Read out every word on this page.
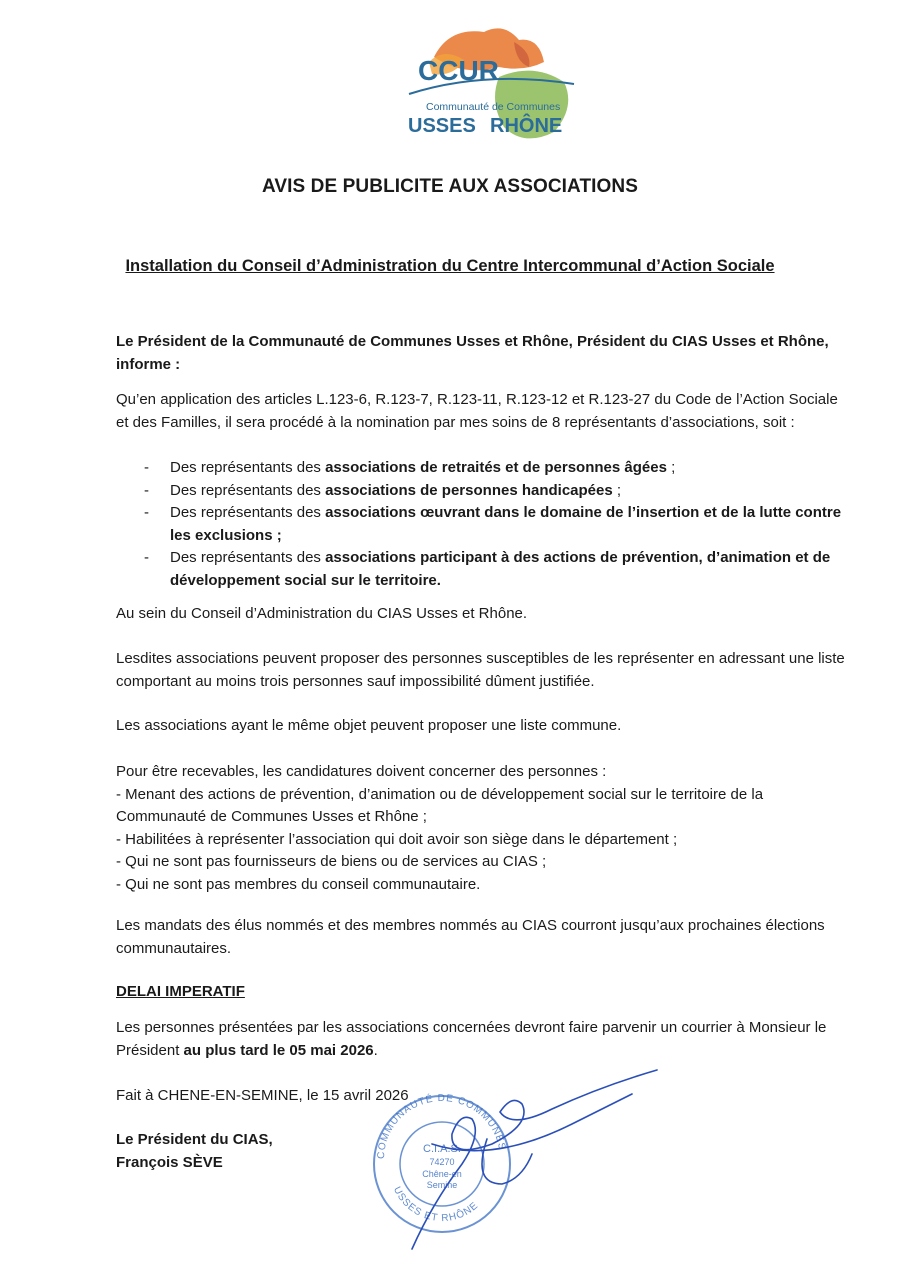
CCUR
Communauté de Communes
USSES RHÔNE
AVIS DE PUBLICITE AUX ASSOCIATIONS
Installation du Conseil d’Administration du Centre Intercommunal d’Action Sociale

Le Président de la Communauté de Communes Usses et Rhône, Président du CIAS Usses et Rhône, informe :

Qu’en application des articles L.123-6, R.123-7, R.123-11, R.123-12 et R.123-27 du Code de l’Action Sociale et des Familles, il sera procédé à la nomination par mes soins de 8 représentants d’associations, soit :

- Des représentants des associations de retraités et de personnes âgées ;
- Des représentants des associations de personnes handicapées ;
- Des représentants des associations œuvrant dans le domaine de l’insertion et de la lutte contre les exclusions ;
- Des représentants des associations participant à des actions de prévention, d’animation et de développement social sur le territoire.

Au sein du Conseil d’Administration du CIAS Usses et Rhône.

Lesdites associations peuvent proposer des personnes susceptibles de les représenter en adressant une liste comportant au moins trois personnes sauf impossibilité dûment justifiée.

Les associations ayant le même objet peuvent proposer une liste commune.

Pour être recevables, les candidatures doivent concerner des personnes :
- Menant des actions de prévention, d’animation ou de développement social sur le territoire de la Communauté de Communes Usses et Rhône ;
- Habilitées à représenter l’association qui doit avoir son siège dans le département ;
- Qui ne sont pas fournisseurs de biens ou de services au CIAS ;
- Qui ne sont pas membres du conseil communautaire.

Les mandats des élus nommés et des membres nommés au CIAS courront jusqu’aux prochaines élections communautaires.

DELAI IMPERATIF

Les personnes présentées par les associations concernées devront faire parvenir un courrier à Monsieur le Président au plus tard le 05 mai 2026.

Fait à CHENE-EN-SEMINE, le 15 avril 2026

Le Président du CIAS,
François SÈVE	COMMUNAUTÉ DE COMMUNES
USSES ET RHÔNE
C.I.A.S.
74270
Chêne-en
Semine
